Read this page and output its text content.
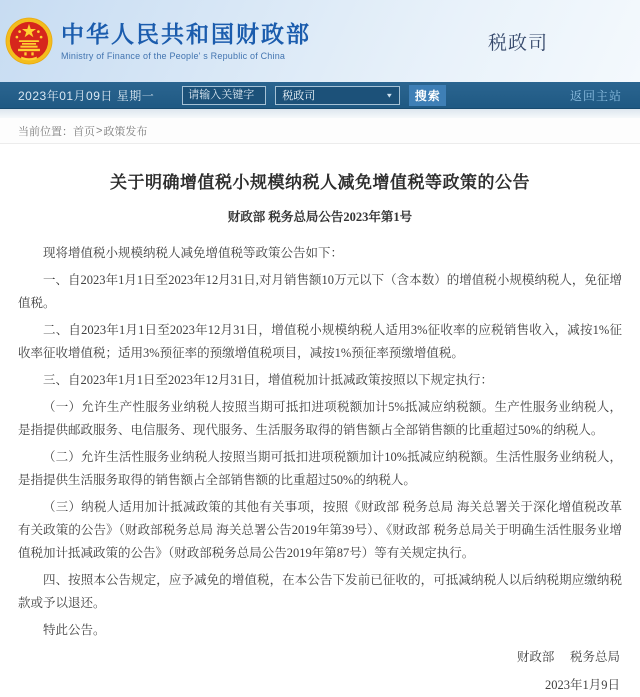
中华人民共和国财政部
Ministry of Finance of the People' s Republic of China
税政司
2023年01月09日 星期一
请输入关键字	税政司	▼	搜索	返回主站
当前位置： 首页 > 政策发布
关于明确增值税小规模纳税人减免增值税等政策的公告
财政部 税务总局公告2023年第1号

现将增值税小规模纳税人减免增值税等政策公告如下：

一、自2023年1月1日至2023年12月31日,对月销售额10万元以下（含本数）的增值税小规模纳税人，免征增值税。

二、自2023年1月1日至2023年12月31日，增值税小规模纳税人适用3%征收率的应税销售收入，减按1%征收率征收增值税；适用3%预征率的预缴增值税项目，减按1%预征率预缴增值税。

三、自2023年1月1日至2023年12月31日，增值税加计抵减政策按照以下规定执行：

（一）允许生产性服务业纳税人按照当期可抵扣进项税额加计5%抵减应纳税额。生产性服务业纳税人，是指提供邮政服务、电信服务、现代服务、生活服务取得的销售额占全部销售额的比重超过50%的纳税人。

（二）允许生活性服务业纳税人按照当期可抵扣进项税额加计10%抵减应纳税额。生活性服务业纳税人，是指提供生活服务取得的销售额占全部销售额的比重超过50%的纳税人。

（三）纳税人适用加计抵减政策的其他有关事项，按照《财政部 税务总局 海关总署关于深化增值税改革有关政策的公告》（财政部税务总局 海关总署公告2019年第39号）、《财政部 税务总局关于明确生活性服务业增值税加计抵减政策的公告》（财政部税务总局公告2019年第87号）等有关规定执行。

四、按照本公告规定，应予减免的增值税，在本公告下发前已征收的，可抵减纳税人以后纳税期应缴纳税款或予以退还。

特此公告。

财政部　 税务总局

2023年1月9日
